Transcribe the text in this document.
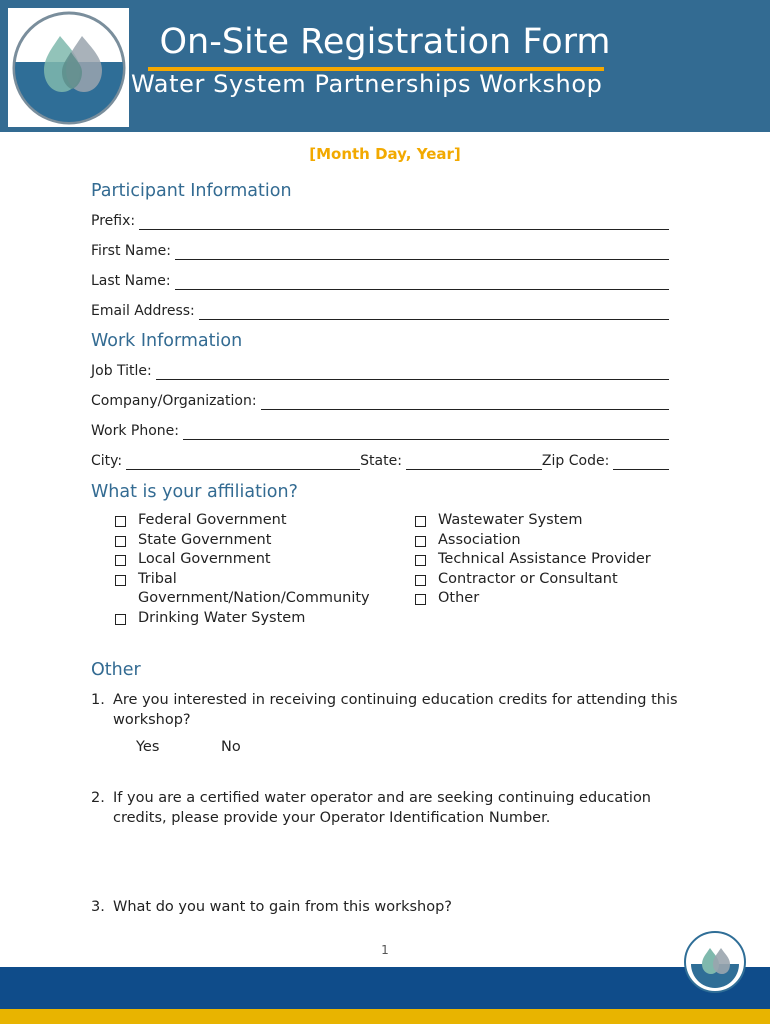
On-Site Registration Form
Water System Partnerships Workshop
[Month Day, Year]
Participant Information
Prefix:
First Name:
Last Name:
Email Address:
Work Information
Job Title:
Company/Organization:
Work Phone:
City:	State:	Zip Code:
What is your affiliation?
Federal Government
State Government
Local Government
Tribal Government/Nation/Community
Drinking Water System
Wastewater System
Association
Technical Assistance Provider
Contractor or Consultant
Other
Other
1. Are you interested in receiving continuing education credits for attending this workshop?
Yes	No
2. If you are a certified water operator and are seeking continuing education credits, please provide your Operator Identification Number.
3. What do you want to gain from this workshop?
1
